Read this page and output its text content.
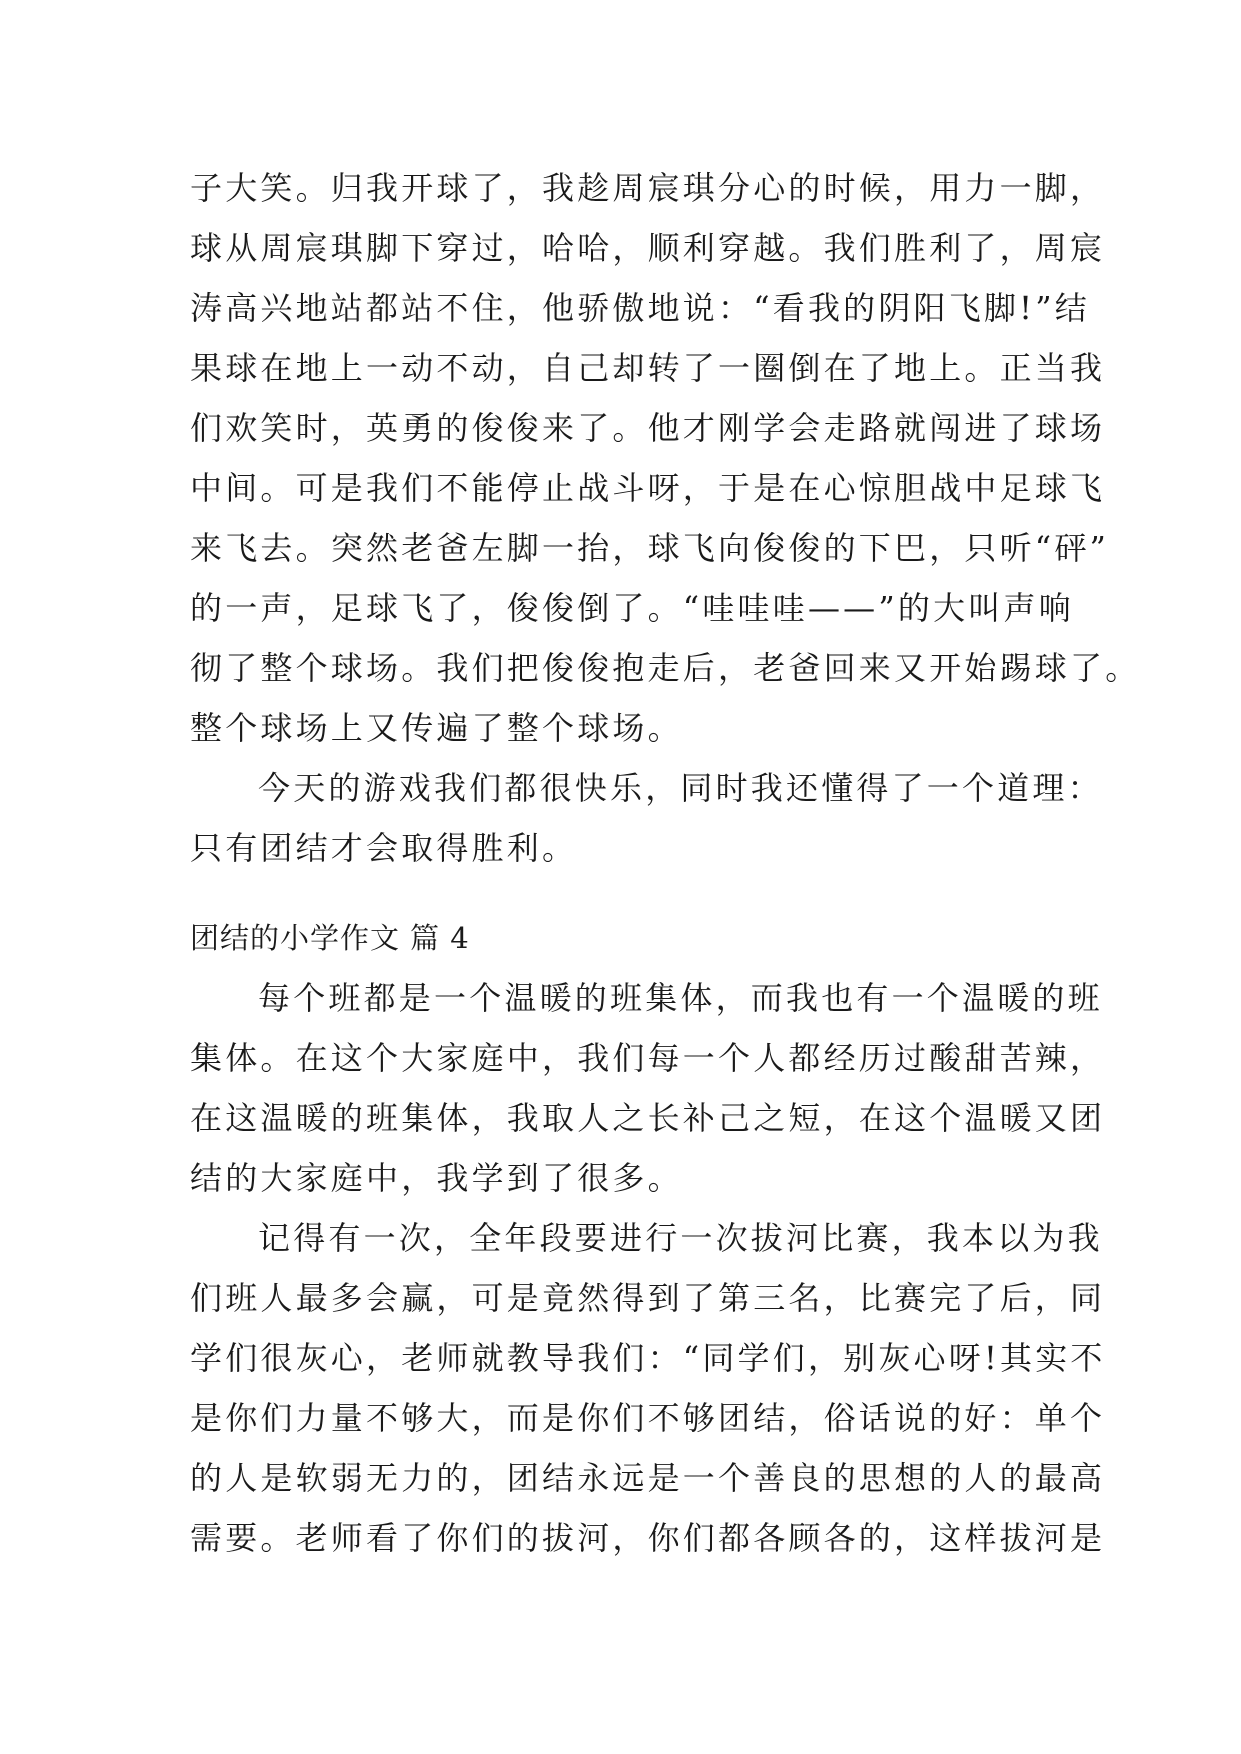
子大笑。归我开球了，我趁周宸琪分心的时候，用力一脚，
球从周宸琪脚下穿过，哈哈，顺利穿越。我们胜利了，周宸
涛高兴地站都站不住，他骄傲地说：“看我的阴阳飞脚!”结
果球在地上一动不动，自己却转了一圈倒在了地上。正当我
们欢笑时，英勇的俊俊来了。他才刚学会走路就闯进了球场
中间。可是我们不能停止战斗呀，于是在心惊胆战中足球飞
来飞去。突然老爸左脚一抬，球飞向俊俊的下巴，只听“砰”
的一声，足球飞了，俊俊倒了。“哇哇哇——”的大叫声响
彻了整个球场。我们把俊俊抱走后，老爸回来又开始踢球了。
整个球场上又传遍了整个球场。
今天的游戏我们都很快乐，同时我还懂得了一个道理：
只有团结才会取得胜利。
团结的小学作文 篇 4
每个班都是一个温暖的班集体，而我也有一个温暖的班
集体。在这个大家庭中，我们每一个人都经历过酸甜苦辣，
在这温暖的班集体，我取人之长补己之短，在这个温暖又团
结的大家庭中，我学到了很多。
记得有一次，全年段要进行一次拔河比赛，我本以为我
们班人最多会赢，可是竟然得到了第三名，比赛完了后，同
学们很灰心，老师就教导我们：“同学们，别灰心呀!其实不
是你们力量不够大，而是你们不够团结，俗话说的好：单个
的人是软弱无力的，团结永远是一个善良的思想的人的最高
需要。老师看了你们的拔河，你们都各顾各的，这样拔河是
